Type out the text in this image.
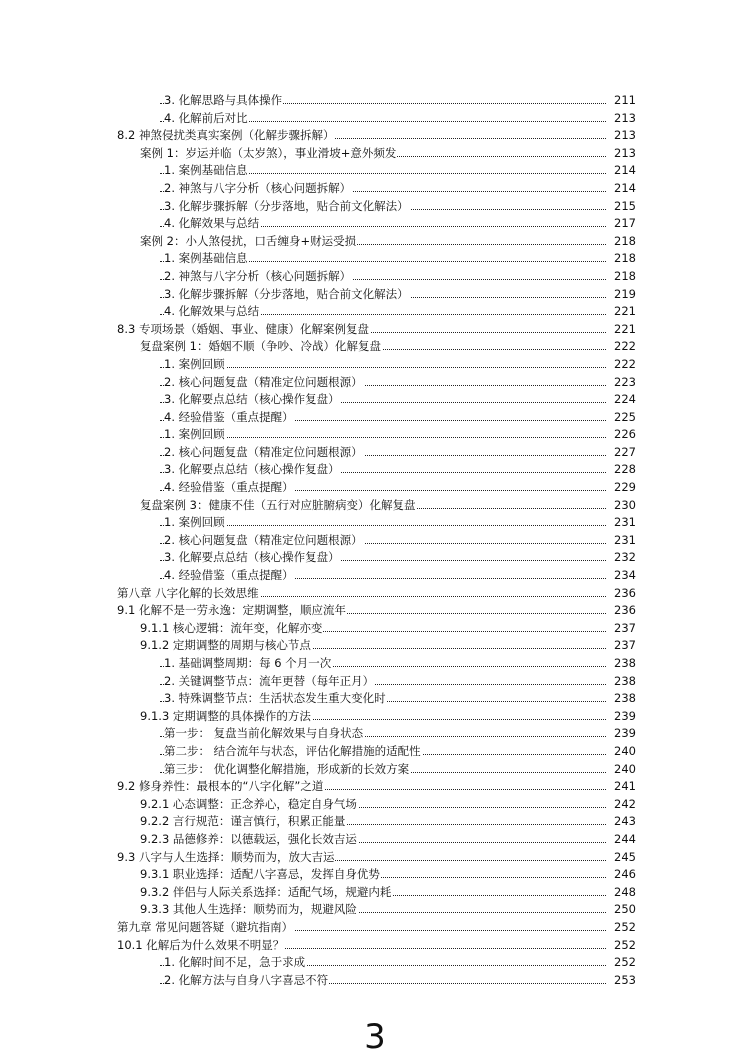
3. 化解思路与具体操作	211
4. 化解前后对比	213
8.2 神煞侵扰类真实案例（化解步骤拆解）	213
案例 1：岁运并临（太岁煞），事业滑坡+意外频发	213
1. 案例基础信息	214
2. 神煞与八字分析（核心问题拆解）	214
3. 化解步骤拆解（分步落地，贴合前文化解法）	215
4. 化解效果与总结	217
案例 2：小人煞侵扰，口舌缠身+财运受损	218
1. 案例基础信息	218
2. 神煞与八字分析（核心问题拆解）	218
3. 化解步骤拆解（分步落地，贴合前文化解法）	219
4. 化解效果与总结	221
8.3 专项场景（婚姻、事业、健康）化解案例复盘	221
复盘案例 1：婚姻不顺（争吵、冷战）化解复盘	222
1. 案例回顾	222
2. 核心问题复盘（精准定位问题根源）	223
3. 化解要点总结（核心操作复盘）	224
4. 经验借鉴（重点提醒）	225
1. 案例回顾	226
2. 核心问题复盘（精准定位问题根源）	227
3. 化解要点总结（核心操作复盘）	228
4. 经验借鉴（重点提醒）	229
复盘案例 3：健康不佳（五行对应脏腑病变）化解复盘	230
1. 案例回顾	231
2. 核心问题复盘（精准定位问题根源）	231
3. 化解要点总结（核心操作复盘）	232
4. 经验借鉴（重点提醒）	234
第八章 八字化解的长效思维	236
9.1 化解不是一劳永逸：定期调整，顺应流年	236
9.1.1 核心逻辑：流年变，化解亦变	237
9.1.2 定期调整的周期与核心节点	237
1. 基础调整周期：每 6 个月一次	238
2. 关键调整节点：流年更替（每年正月）	238
3. 特殊调整节点：生活状态发生重大变化时	238
9.1.3 定期调整的具体操作的方法	239
第一步： 复盘当前化解效果与自身状态	239
第二步： 结合流年与状态，评估化解措施的适配性	240
第三步： 优化调整化解措施，形成新的长效方案	240
9.2 修身养性：最根本的“八字化解”之道	241
9.2.1 心态调整：正念养心，稳定自身气场	242
9.2.2 言行规范：谨言慎行，积累正能量	243
9.2.3 品德修养：以德载运，强化长效吉运	244
9.3 八字与人生选择：顺势而为，放大吉运	245
9.3.1 职业选择：适配八字喜忌，发挥自身优势	246
9.3.2 伴侣与人际关系选择：适配气场，规避内耗	248
9.3.3 其他人生选择：顺势而为，规避风险	250
第九章 常见问题答疑（避坑指南）	252
10.1 化解后为什么效果不明显？	252
1. 化解时间不足，急于求成	252
2. 化解方法与自身八字喜忌不符	253
3
